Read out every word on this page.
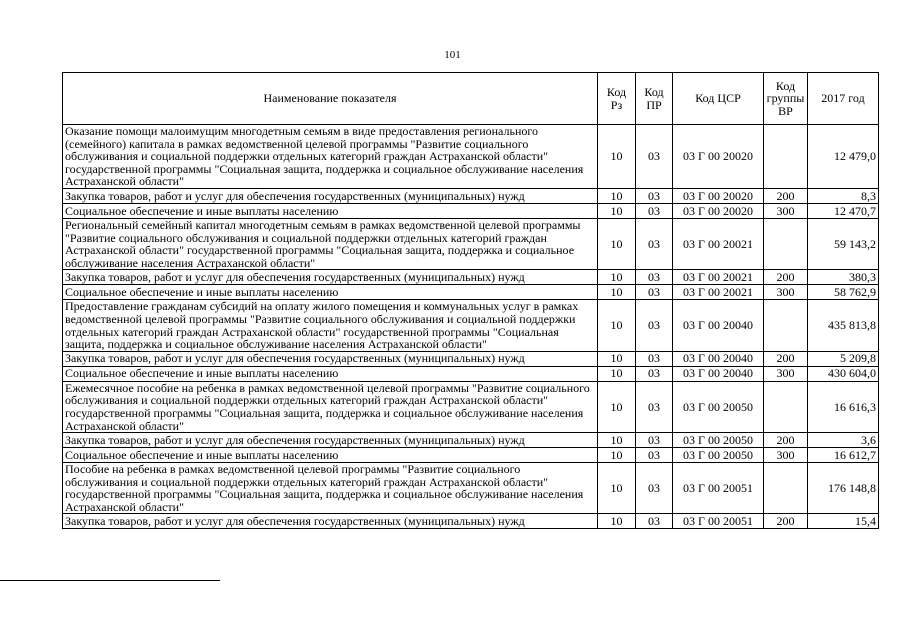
101
Наименование показателя	Код Рз	Код ПР	Код ЦСР	Код группы ВР	2017 год
Оказание помощи малоимущим многодетным семьям в виде предоставления регионального (семейного) капитала в рамках ведомственной целевой программы "Развитие социального обслуживания и социальной поддержки отдельных категорий граждан Астраханской области" государственной программы "Социальная защита, поддержка и социальное обслуживание населения Астраханской области"	10	03	03 Г 00 20020		12 479,0
Закупка товаров, работ и услуг для обеспечения государственных (муниципальных) нужд	10	03	03 Г 00 20020	200	8,3
Социальное обеспечение и иные выплаты населению	10	03	03 Г 00 20020	300	12 470,7
Региональный семейный капитал многодетным семьям в рамках ведомственной целевой программы "Развитие социального обслуживания и социальной поддержки отдельных категорий граждан Астраханской области" государственной программы "Социальная защита, поддержка и социальное обслуживание населения Астраханской области"	10	03	03 Г 00 20021		59 143,2
Закупка товаров, работ и услуг для обеспечения государственных (муниципальных) нужд	10	03	03 Г 00 20021	200	380,3
Социальное обеспечение и иные выплаты населению	10	03	03 Г 00 20021	300	58 762,9
Предоставление гражданам субсидий на оплату жилого помещения и коммунальных услуг в рамках ведомственной целевой программы "Развитие социального обслуживания и социальной поддержки отдельных категорий граждан Астраханской области" государственной программы "Социальная защита, поддержка и социальное обслуживание населения Астраханской области"	10	03	03 Г 00 20040		435 813,8
Закупка товаров, работ и услуг для обеспечения государственных (муниципальных) нужд	10	03	03 Г 00 20040	200	5 209,8
Социальное обеспечение и иные выплаты населению	10	03	03 Г 00 20040	300	430 604,0
Ежемесячное пособие на ребенка в рамках ведомственной целевой программы "Развитие социального обслуживания и социальной поддержки отдельных категорий граждан Астраханской области" государственной программы "Социальная защита, поддержка и социальное обслуживание населения Астраханской области"	10	03	03 Г 00 20050		16 616,3
Закупка товаров, работ и услуг для обеспечения государственных (муниципальных) нужд	10	03	03 Г 00 20050	200	3,6
Социальное обеспечение и иные выплаты населению	10	03	03 Г 00 20050	300	16 612,7
Пособие на ребенка в рамках ведомственной целевой программы "Развитие социального обслуживания и социальной поддержки отдельных категорий граждан Астраханской области" государственной программы "Социальная защита, поддержка и социальное обслуживание населения Астраханской области"	10	03	03 Г 00 20051		176 148,8
Закупка товаров, работ и услуг для обеспечения государственных (муниципальных) нужд	10	03	03 Г 00 20051	200	15,4
